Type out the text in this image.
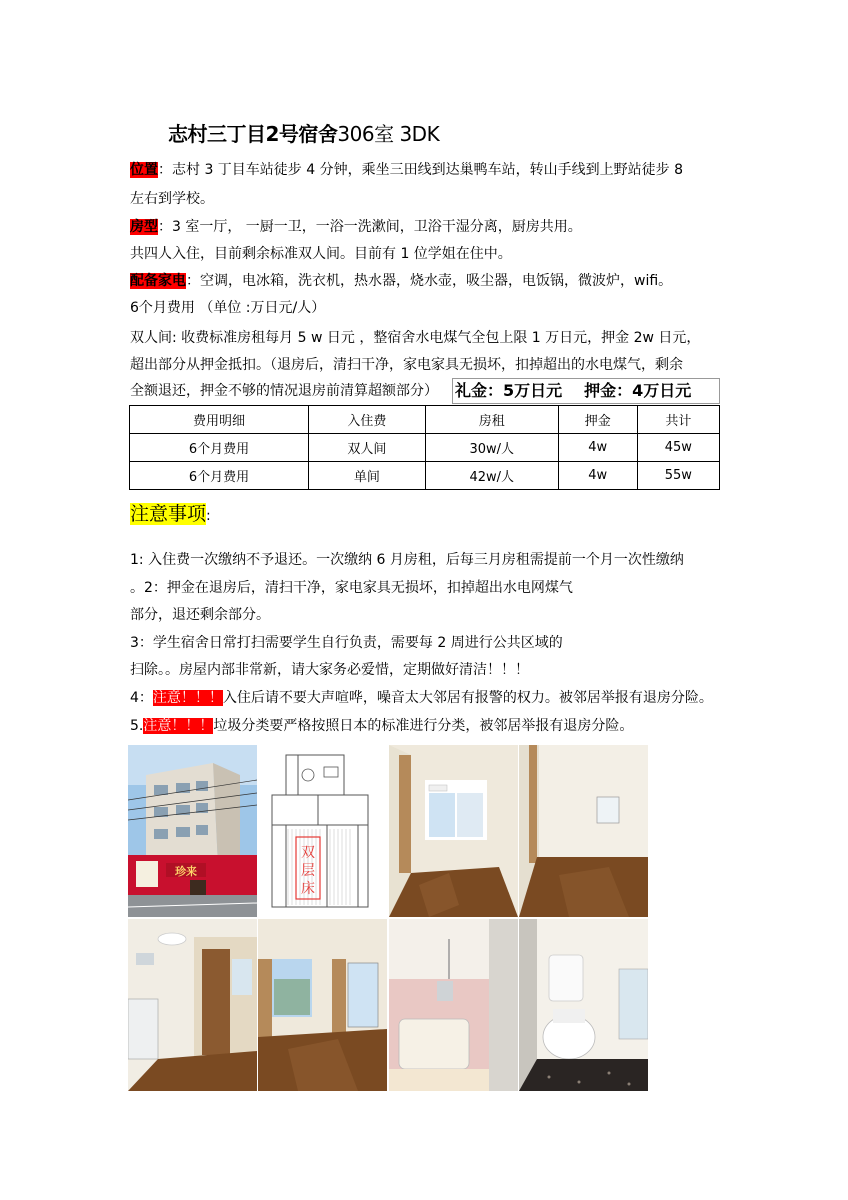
志村三丁目2号宿舍306室 3DK
位置：志村 3 丁目车站徒步 4 分钟，乘坐三田线到达巢鸭车站，转山手线到上野站徒步 8
左右到学校。
房型：3 室一厅， 一厨一卫，一浴一洗漱间，卫浴干湿分离，厨房共用。
共四人入住，目前剩余标准双人间。目前有 1 位学姐在住中。
配备家电：空调，电冰箱，洗衣机，热水器，烧水壶，吸尘器，电饭锅，微波炉，wifi。
6个月费用 （单位 :万日元/人）
双人间: 收费标准房租每月 5 w 日元 ，整宿舍水电煤气全包上限 1 万日元，押金 2w 日元，
超出部分从押金抵扣。（退房后，清扫干净，家电家具无损坏，扣掉超出的水电煤气，剩余
全额退还，押金不够的情况退房前清算超额部分） 礼金：5万日元 押金：4万日元
费用明细	入住费	房租	押金	共计
6个月费用	双人间	30w/人	4w	45w
6个月费用	单间	42w/人	4w	55w
注意事项:
1: 入住费一次缴纳不予退还。一次缴纳 6 月房租，后每三月房租需提前一个月一次性缴纳
。2：押金在退房后，清扫干净，家电家具无损坏，扣掉超出水电网煤气
部分，退还剩余部分。
3：学生宿舍日常打扫需要学生自行负责，需要每 2 周进行公共区域的
扫除。。房屋内部非常新，请大家务必爱惜，定期做好清洁！！！
4：注意！！！入住后请不要大声喧哗，噪音太大邻居有报警的权力。被邻居举报有退房分险。
5.注意！！！垃圾分类要严格按照日本的标准进行分类，被邻居举报有退房分险。
珍来
双
层
床
